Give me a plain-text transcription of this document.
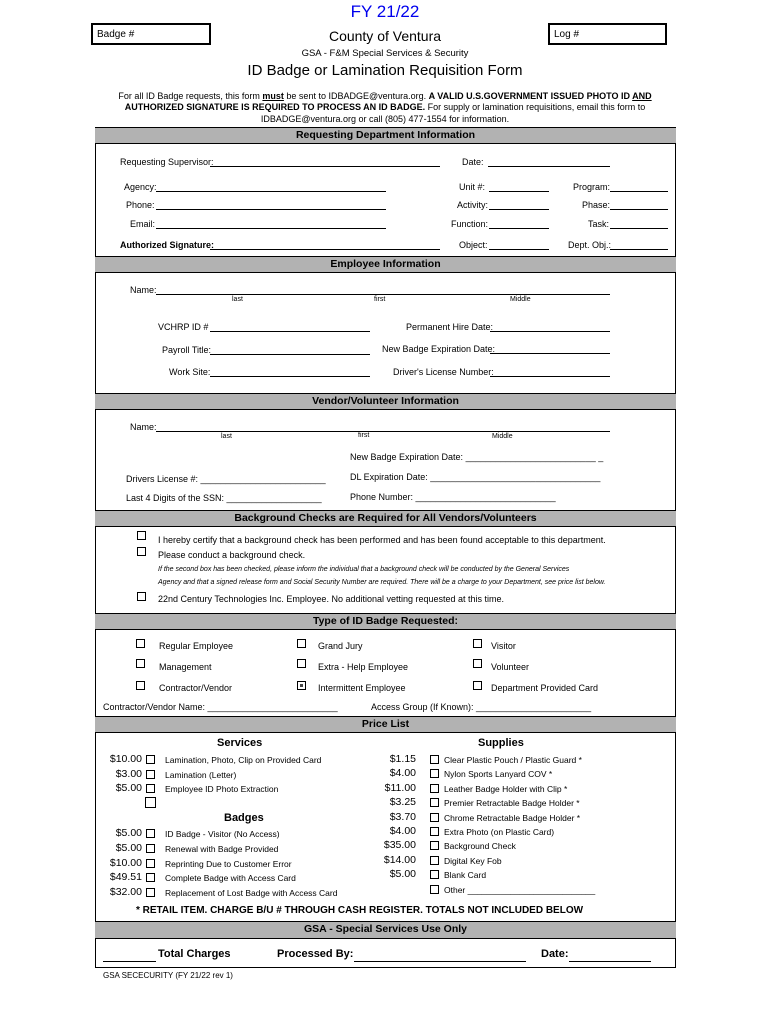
FY 21/22
Badge #	Log #
County of Ventura
GSA - F&M Special Services & Security
ID Badge or Lamination Requisition Form
For all ID Badge requests, this form must be sent to IDBADGE@ventura.org. A VALID U.S.GOVERNMENT ISSUED PHOTO ID AND
AUTHORIZED SIGNATURE IS REQUIRED TO PROCESS AN ID BADGE. For supply or lamination requisitions, email this form to
IDBADGE@ventura.org or call (805) 477-1554 for information.
Requesting Department Information
Requesting Supervisor:	Date:
Agency:	Unit #:	Program:
Phone:	Activity:	Phase:
Email:	Function:	Task:
Authorized Signature:	Object:	Dept. Obj.:
Employee Information
Name:
last	first	Middle
VCHRP ID #	Permanent Hire Date:
Payroll Title:	New Badge Expiration Date:
Work Site:	Driver's License Number:
Vendor/Volunteer Information
Name:
last	first	Middle
New Badge Expiration Date: __________________________ _
Drivers License #: _________________________	DL Expiration Date: __________________________________
Last 4 Digits of the SSN: ___________________	Phone Number: ____________________________
Background Checks are Required for All Vendors/Volunteers
I hereby certify that a background check has been performed and has been found acceptable to this department.
Please conduct a background check.
If the second box has been checked, please inform the individual that a background check will be conducted by the General Services
Agency and that a signed release form and Social Security Number are required. There will be a charge to your Department, see price list below.
22nd Century Technologies Inc. Employee. No additional vetting requested at this time.
Type of ID Badge Requested:
Regular Employee	Grand Jury	Visitor
Management	Extra - Help Employee	Volunteer
Contractor/Vendor	Intermittent Employee	Department Provided Card
Contractor/Vendor Name: __________________________	Access Group (If Known): _______________________
Price List
Services
$10.00	Lamination, Photo, Clip on Provided Card
$3.00	Lamination (Letter)
$5.00	Employee ID Photo Extraction
Badges
$5.00	ID Badge - Visitor (No Access)
$5.00	Renewal with Badge Provided
$10.00	Reprinting Due to Customer Error
$49.51	Complete Badge with Access Card
$32.00	Replacement of Lost Badge with Access Card
Supplies
$1.15	Clear Plastic Pouch / Plastic Guard *
$4.00	Nylon Sports Lanyard COV *
$11.00	Leather Badge Holder with Clip *
$3.25	Premier Retractable Badge Holder *
$3.70	Chrome Retractable Badge Holder *
$4.00	Extra Photo (on Plastic Card)
$35.00	Background Check
$14.00	Digital Key Fob
$5.00	Blank Card
Other ___________________________
* RETAIL ITEM. CHARGE B/U # THROUGH CASH REGISTER. TOTALS NOT INCLUDED BELOW
GSA - Special Services Use Only
Total Charges	Processed By:	Date:
GSA SECECURITY (FY 21/22 rev 1)
